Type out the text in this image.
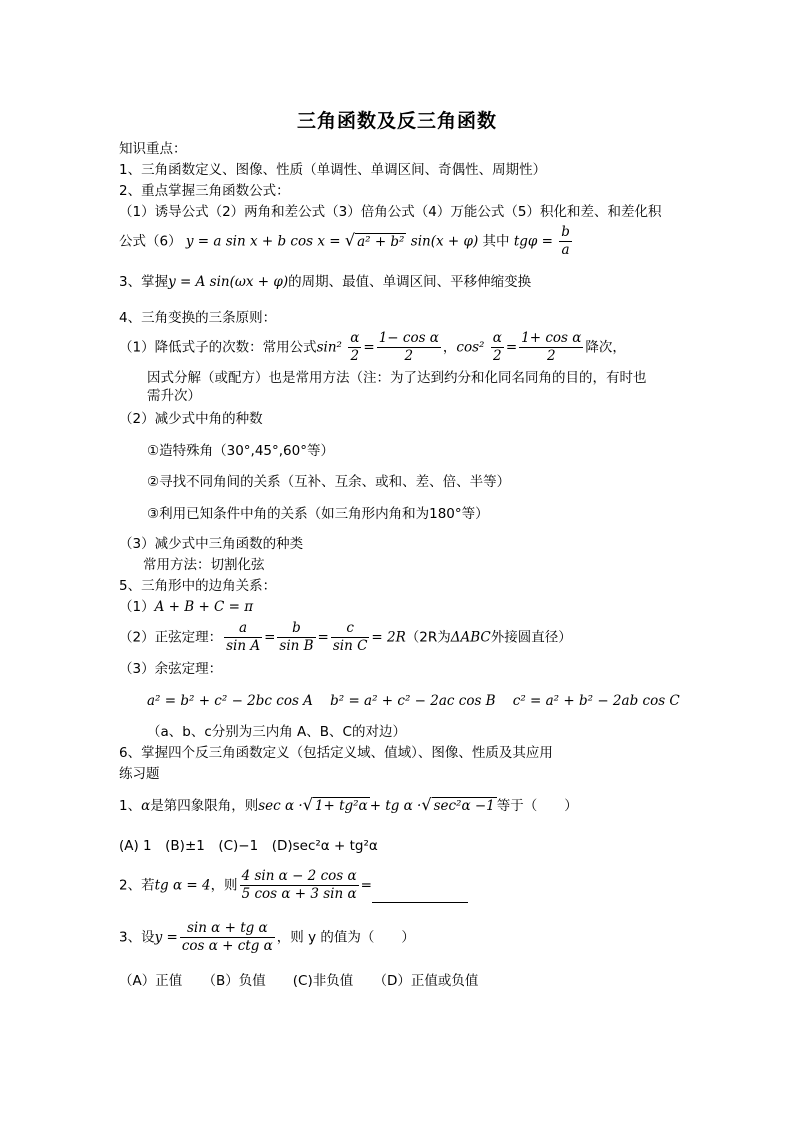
三角函数及反三角函数
知识重点：
1、三角函数定义、图像、性质（单调性、单调区间、奇偶性、周期性）
2、重点掌握三角函数公式：
（1）诱导公式（2）两角和差公式（3）倍角公式（4）万能公式（5）积化和差、和差化积
公式（6） y = a sin x + b cos x = √ a² + b² sin(x + φ) 其中 $tg\varphi = \frac{b}{a}$
3、掌握y = A sin(ωx + φ)的周期、最值、单调区间、平移伸缩变换
4、三角变换的三条原则：
（1）降低式子的次数：常用公式$\sin^2 \frac{\alpha}{2} = \frac{\text{1− cos α}}{2}$ ，$\cos^2 \frac{\alpha}{2} = \frac{\text{1+ cos α}}{2}$ 降次，
因式分解（或配方）也是常用方法（注：为了达到约分和化同名同角的目的，有时也
需升次）
（2）减少式中角的种数
①造特殊角（30°,45°,60°等）
②寻找不同角间的关系（互补、互余、或和、差、倍、半等）
③利用已知条件中角的关系（如三角形内角和为180°等）
（3）减少式中三角函数的种类
常用方法：切割化弦
5、三角形中的边角关系：
（1）A + B + C = π
（2）正弦定理： $\frac{a}{\text{sin A}} = \frac{b}{\text{sin B}} = \frac{c}{\text{sin C}} = 2R(2R$为ΔABC外接圆直径）
（3）余弦定理：
a² = b² + c² − 2bc cos A b² = a² + c² − 2ac cos B c² = a² + b² − 2ab cos C
（a、b、c分别为三内角 A、B、C的对边）
6、掌握四个反三角函数定义（包括定义域、值域）、图像、性质及其应用
练习题
1、α是第四象限角，则sec α ·√ 1+ tg²α + tg α ·√ sec²α −1 等于（　　）
(A) 1　(B)±1　(C)−1　(D)sec²α + tg²α
2、若tg α = 4，则 $\frac{\text{4 sin α − 2 cos α}}{\text{5 cos α + 3 sin α}}$ =
3、设$y = \frac{\text{sin α + tg α}}{\text{cos α + ctg α}}$ ，则 y 的值为（　　）
（A）正值　　（B）负值　　(C)非负值　　（D）正值或负值
